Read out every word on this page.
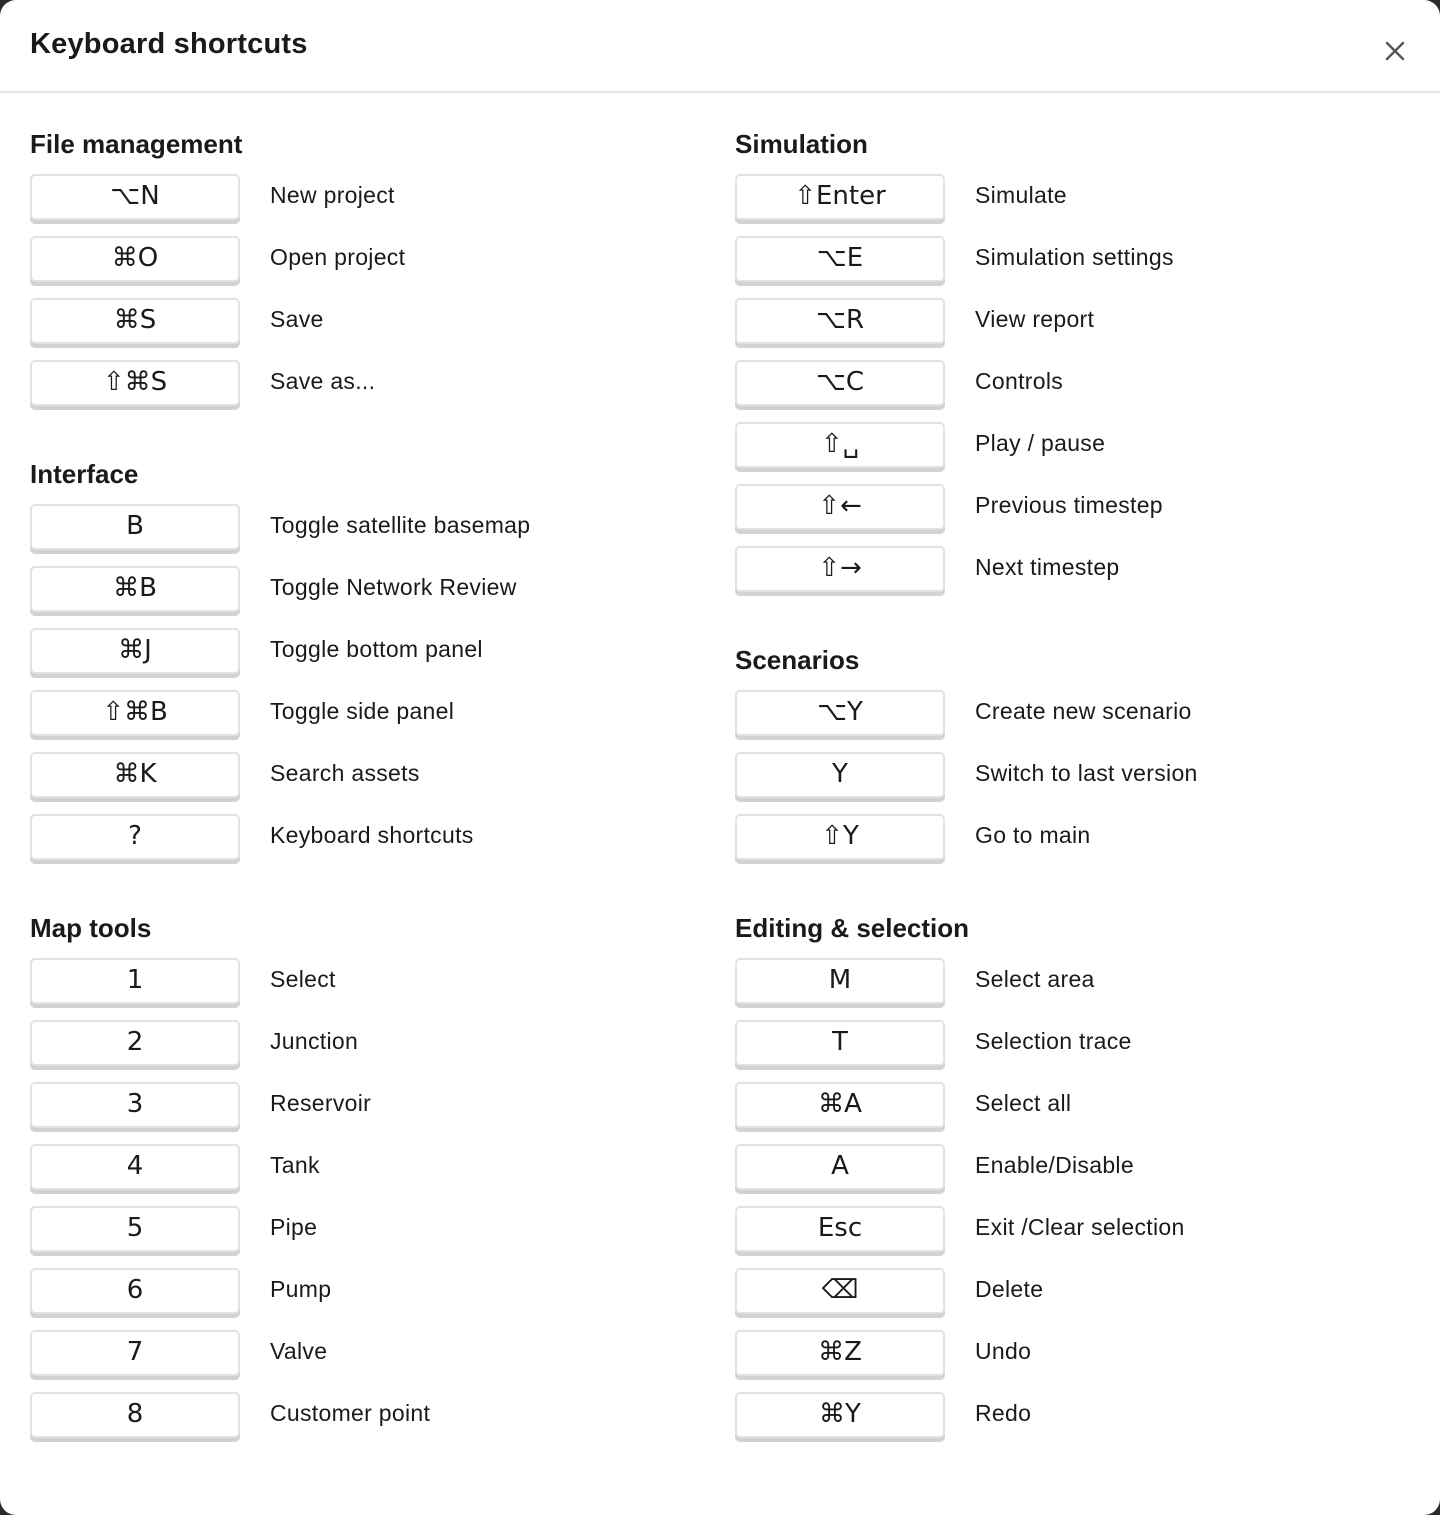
Keyboard shortcuts
File management
⌥N	New project
⌘O	Open project
⌘S	Save
⇧⌘S	Save as...
Interface
B	Toggle satellite basemap
⌘B	Toggle Network Review
⌘J	Toggle bottom panel
⇧⌘B	Toggle side panel
⌘K	Search assets
?	Keyboard shortcuts
Map tools
1	Select
2	Junction
3	Reservoir
4	Tank
5	Pipe
6	Pump
7	Valve
8	Customer point
Simulation
⇧Enter	Simulate
⌥E	Simulation settings
⌥R	View report
⌥C	Controls
⇧␣	Play / pause
⇧←	Previous timestep
⇧→	Next timestep
Scenarios
⌥Y	Create new scenario
Y	Switch to last version
⇧Y	Go to main
Editing & selection
M	Select area
T	Selection trace
⌘A	Select all
A	Enable/Disable
Esc	Exit /Clear selection
⌫	Delete
⌘Z	Undo
⌘Y	Redo
